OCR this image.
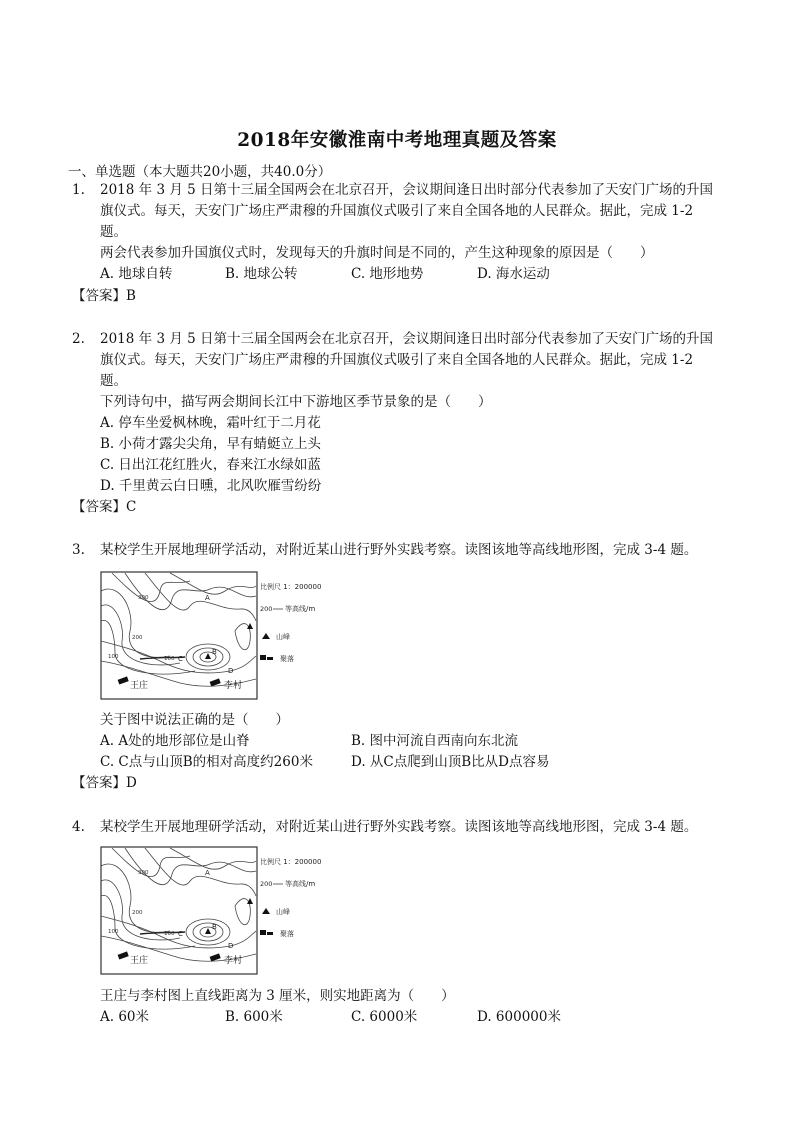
2018年安徽淮南中考地理真题及答案
一、单选题（本大题共20小题，共40.0分）
1. 2018 年 3 月 5 日第十三届全国两会在北京召开，会议期间逢日出时部分代表参加了天安门广场的升国
旗仪式。每天，天安门广场庄严肃穆的升国旗仪式吸引了来自全国各地的人民群众。据此，完成 1-2
题。
两会代表参加升国旗仪式时，发现每天的升旗时间是不同的，产生这种现象的原因是（　　）
A. 地球自转	B. 地球公转	C. 地形地势	D. 海水运动
【答案】B
2. 2018 年 3 月 5 日第十三届全国两会在北京召开，会议期间逢日出时部分代表参加了天安门广场的升国
旗仪式。每天，天安门广场庄严肃穆的升国旗仪式吸引了来自全国各地的人民群众。据此，完成 1-2
题。
下列诗句中，描写两会期间长江中下游地区季节景象的是（　　）
A. 停车坐爱枫林晚，霜叶红于二月花
B. 小荷才露尖尖角，早有蜻蜓立上头
C. 日出江花红胜火，春来江水绿如蓝
D. 千里黄云白日曛，北风吹雁雪纷纷
【答案】C
3. 某校学生开展地理研学活动，对附近某山进行野外实践考察。读图该地等高线地形图，完成 3-4 题。
A
B
C
D
300
200
100	100
王庄	李村
比例尺 1：200000
200 等高线/m
山峰
聚落
关于图中说法正确的是（　　）
A. A处的地形部位是山脊	B. 图中河流自西南向东北流
C. C点与山顶B的相对高度约260米	D. 从C点爬到山顶B比从D点容易
【答案】D
4. 某校学生开展地理研学活动，对附近某山进行野外实践考察。读图该地等高线地形图，完成 3-4 题。
A
B
C
D
300
200
100	100
王庄	李村
比例尺 1：200000
200 等高线/m
山峰
聚落
王庄与李村图上直线距离为 3 厘米，则实地距离为（　　）
A. 60米	B. 600米	C. 6000米	D. 600000米
